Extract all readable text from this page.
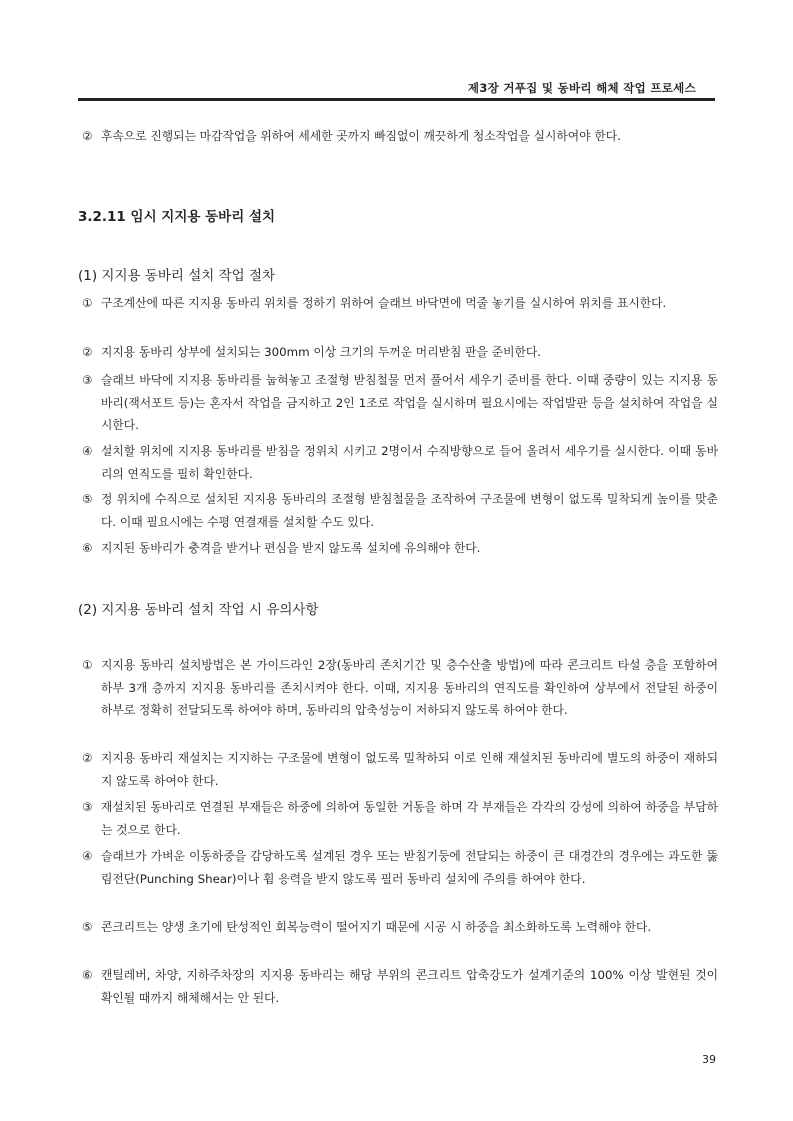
제3장 거푸집 및 동바리 해체 작업 프로세스
② 후속으로 진행되는 마감작업을 위하여 세세한 곳까지 빠짐없이 깨끗하게 청소작업을 실시하여야 한다.
3.2.11 임시 지지용 동바리 설치
(1) 지지용 동바리 설치 작업 절차
① 구조계산에 따른 지지용 동바리 위치를 정하기 위하여 슬래브 바닥면에 먹줄 놓기를 실시하여 위치를 표시한다.
② 지지용 동바리 상부에 설치되는 300mm 이상 크기의 두꺼운 머리받침 판을 준비한다.
③ 슬래브 바닥에 지지용 동바리를 눕혀놓고 조절형 받침철물 먼저 풀어서 세우기 준비를 한다. 이때 중량이 있는 지지용 동바리(잭서포트 등)는 혼자서 작업을 금지하고 2인 1조로 작업을 실시하며 필요시에는 작업발판 등을 설치하여 작업을 실시한다.
④ 설치할 위치에 지지용 동바리를 받침을 정위치 시키고 2명이서 수직방향으로 들어 올려서 세우기를 실시한다. 이때 동바리의 연직도를 필히 확인한다.
⑤ 정 위치에 수직으로 설치된 지지용 동바리의 조절형 받침철물을 조작하여 구조물에 변형이 없도록 밀착되게 높이를 맞춘다. 이때 필요시에는 수평 연결재를 설치할 수도 있다.
⑥ 지지된 동바리가 충격을 받거나 편심을 받지 않도록 설치에 유의해야 한다.
(2) 지지용 동바리 설치 작업 시 유의사항
① 지지용 동바리 설치방법은 본 가이드라인 2장(동바리 존치기간 및 층수산출 방법)에 따라 콘크리트 타설 층을 포함하여 하부 3개 층까지 지지용 동바리를 존치시켜야 한다. 이때, 지지용 동바리의 연직도를 확인하여 상부에서 전달된 하중이 하부로 정확히 전달되도록 하여야 하며, 동바리의 압축성능이 저하되지 않도록 하여야 한다.
② 지지용 동바리 재설치는 지지하는 구조물에 변형이 없도록 밀착하되 이로 인해 재설치된 동바리에 별도의 하중이 재하되지 않도록 하여야 한다.
③ 재설치된 동바리로 연결된 부재들은 하중에 의하여 동일한 거동을 하며 각 부재들은 각각의 강성에 의하여 하중을 부담하는 것으로 한다.
④ 슬래브가 가벼운 이동하중을 감당하도록 설계된 경우 또는 받침기둥에 전달되는 하중이 큰 대경간의 경우에는 과도한 뚫림전단(Punching Shear)이나 휨 응력을 받지 않도록 필러 동바리 설치에 주의를 하여야 한다.
⑤ 콘크리트는 양생 초기에 탄성적인 회복능력이 떨어지기 때문에 시공 시 하중을 최소화하도록 노력해야 한다.
⑥ 캔틸레버, 차양, 지하주차장의 지지용 동바리는 해당 부위의 콘크리트 압축강도가 설계기준의 100% 이상 발현된 것이 확인될 때까지 해체해서는 안 된다.
39
